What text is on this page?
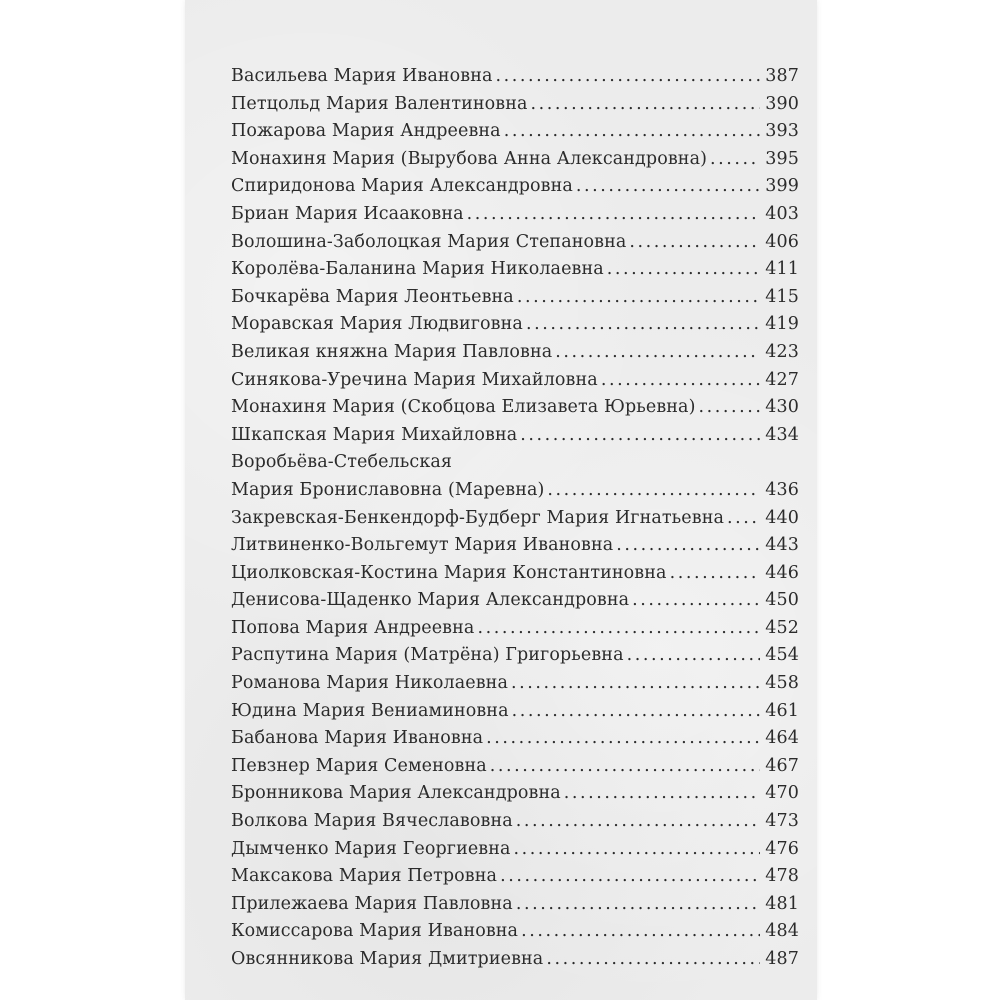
Васильева Мария Ивановна . . .	387
Петцольд Мария Валентиновна . . .	390
Пожарова Мария Андреевна . . .	393
Монахиня Мария (Вырубова Анна Александровна) . . .	395
Спиридонова Мария Александровна . . .	399
Бриан Мария Исааковна . . .	403
Волошина-Заболоцкая Мария Степановна . . .	406
Королёва-Баланина Мария Николаевна . . .	411
Бочкарёва Мария Леонтьевна . . .	415
Моравская Мария Людвиговна . . .	419
Великая княжна Мария Павловна . . .	423
Синякова-Уречина Мария Михайловна . . .	427
Монахиня Мария (Скобцова Елизавета Юрьевна) . . .	430
Шкапская Мария Михайловна . . .	434
Воробьёва-Стебельская
Мария Брониславовна (Маревна) . . .	436
Закревская-Бенкендорф-Будберг Мария Игнатьевна . . . 440
Литвиненко-Вольгемут Мария Ивановна . . .	443
Циолковская-Костина Мария Константиновна . . .	446
Денисова-Щаденко Мария Александровна . . .	450
Попова Мария Андреевна . . .	452
Распутина Мария (Матрёна) Григорьевна . . .	454
Романова Мария Николаевна . . .	458
Юдина Мария Вениаминовна . . .	461
Бабанова Мария Ивановна . . .	464
Певзнер Мария Семеновна . . .	467
Бронникова Мария Александровна . . .	470
Волкова Мария Вячеславовна . . .	473
Дымченко Мария Георгиевна . . .	476
Максакова Мария Петровна . . .	478
Прилежаева Мария Павловна . . .	481
Комиссарова Мария Ивановна . . .	484
Овсянникова Мария Дмитриевна . . .	487
